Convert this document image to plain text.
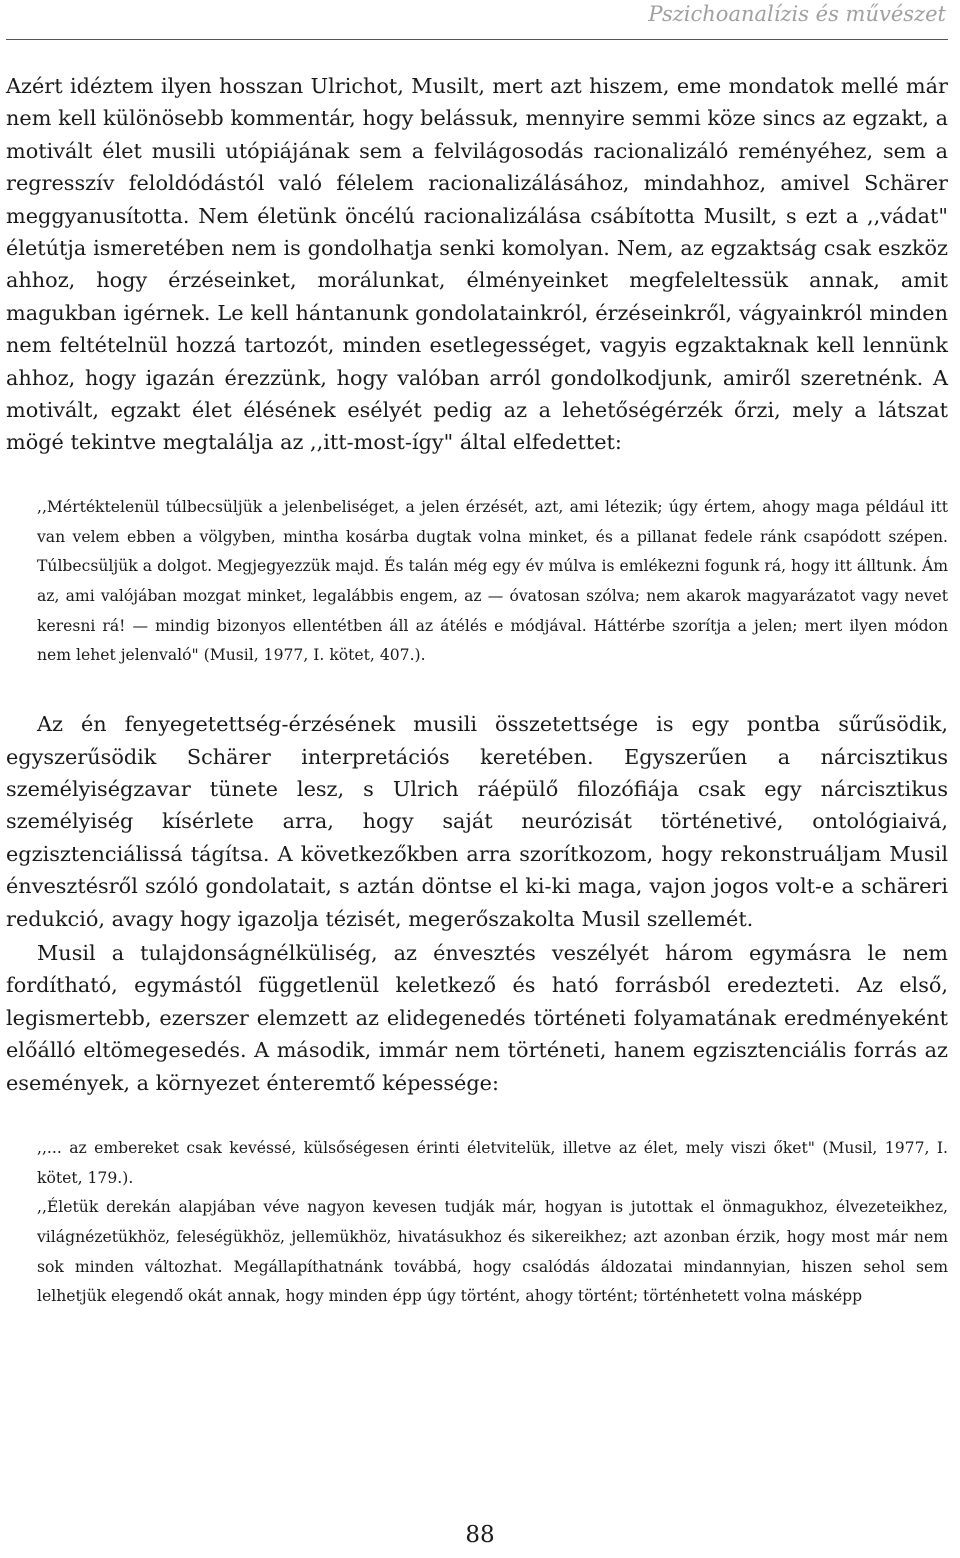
Pszichoanalízis és művészet

Azért idéztem ilyen hosszan Ulrichot, Musilt, mert azt hiszem, eme mondatok mellé már nem kell különösebb kommentár, hogy belássuk, mennyire semmi köze sincs az egzakt, a motivált élet musili utópiájának sem a felvilágosodás racionalizáló reményéhez, sem a regresszív feloldódástól való félelem racionalizálásához, mindahhoz, amivel Schärer meggyanusította. Nem életünk öncélú racionalizálása csábította Musilt, s ezt a ,,vádat" életútja ismeretében nem is gondolhatja senki komolyan. Nem, az egzaktság csak eszköz ahhoz, hogy érzéseinket, morálunkat, élményeinket megfeleltessük annak, amit magukban igérnek. Le kell hántanunk gondolatainkról, érzéseinkről, vágyainkról minden nem feltételnül hozzá tartozót, minden esetlegességet, vagyis egzaktaknak kell lennünk ahhoz, hogy igazán érezzünk, hogy valóban arról gondolkodjunk, amiről szeretnénk. A motivált, egzakt élet élésének esélyét pedig az a lehetőségérzék őrzi, mely a látszat mögé tekintve megtalálja az ,,itt-most-így" által elfedettet:

,,Mértéktelenül túlbecsüljük a jelenbeliséget, a jelen érzését, azt, ami létezik; úgy értem, ahogy maga például itt van velem ebben a völgyben, mintha kosárba dugtak volna minket, és a pillanat fedele ránk csapódott szépen. Túlbecsüljük a dolgot. Megjegyezzük majd. És talán még egy év múlva is emlékezni fogunk rá, hogy itt álltunk. Ám az, ami valójában mozgat minket, legalábbis engem, az — óvatosan szólva; nem akarok magyarázatot vagy nevet keresni rá! — mindig bizonyos ellentétben áll az átélés e módjával. Háttérbe szorítja a jelen; mert ilyen módon nem lehet jelenvaló" (Musil, 1977, I. kötet, 407.).

Az én fenyegetettség-érzésének musili összetettsége is egy pontba sűrűsödik, egyszerűsödik Schärer interpretációs keretében. Egyszerűen a nárcisztikus személyiségzavar tünete lesz, s Ulrich ráépülő filozófiája csak egy nárcisztikus személyiség kísérlete arra, hogy saját neurózisát történetivé, ontológiaivá, egzisztenciálissá tágítsa. A következőkben arra szorítkozom, hogy rekonstruáljam Musil énvesztésről szóló gondolatait, s aztán döntse el ki-ki maga, vajon jogos volt-e a schäreri redukció, avagy hogy igazolja tézisét, megerőszakolta Musil szellemét.

Musil a tulajdonságnélküliség, az énvesztés veszélyét három egymásra le nem fordítható, egymástól függetlenül keletkező és ható forrásból eredezteti. Az első, legismertebb, ezerszer elemzett az elidegenedés történeti folyamatának eredményeként előálló eltömegesedés. A második, immár nem történeti, hanem egzisztenciális forrás az események, a környezet énteremtő képessége:

,,... az embereket csak kevéssé, külsőségesen érinti életvitelük, illetve az élet, mely viszi őket" (Musil, 1977, I. kötet, 179.).

,,Életük derekán alapjában véve nagyon kevesen tudják már, hogyan is jutottak el önmagukhoz, élvezeteikhez, világnézetükhöz, feleségükhöz, jellemükhöz, hivatásukhoz és sikereikhez; azt azonban érzik, hogy most már nem sok minden változhat. Megállapíthatnánk továbbá, hogy csalódás áldozatai mindannyian, hiszen sehol sem lelhetjük elegendő okát annak, hogy minden épp úgy történt, ahogy történt; történhetett volna másképp

88
